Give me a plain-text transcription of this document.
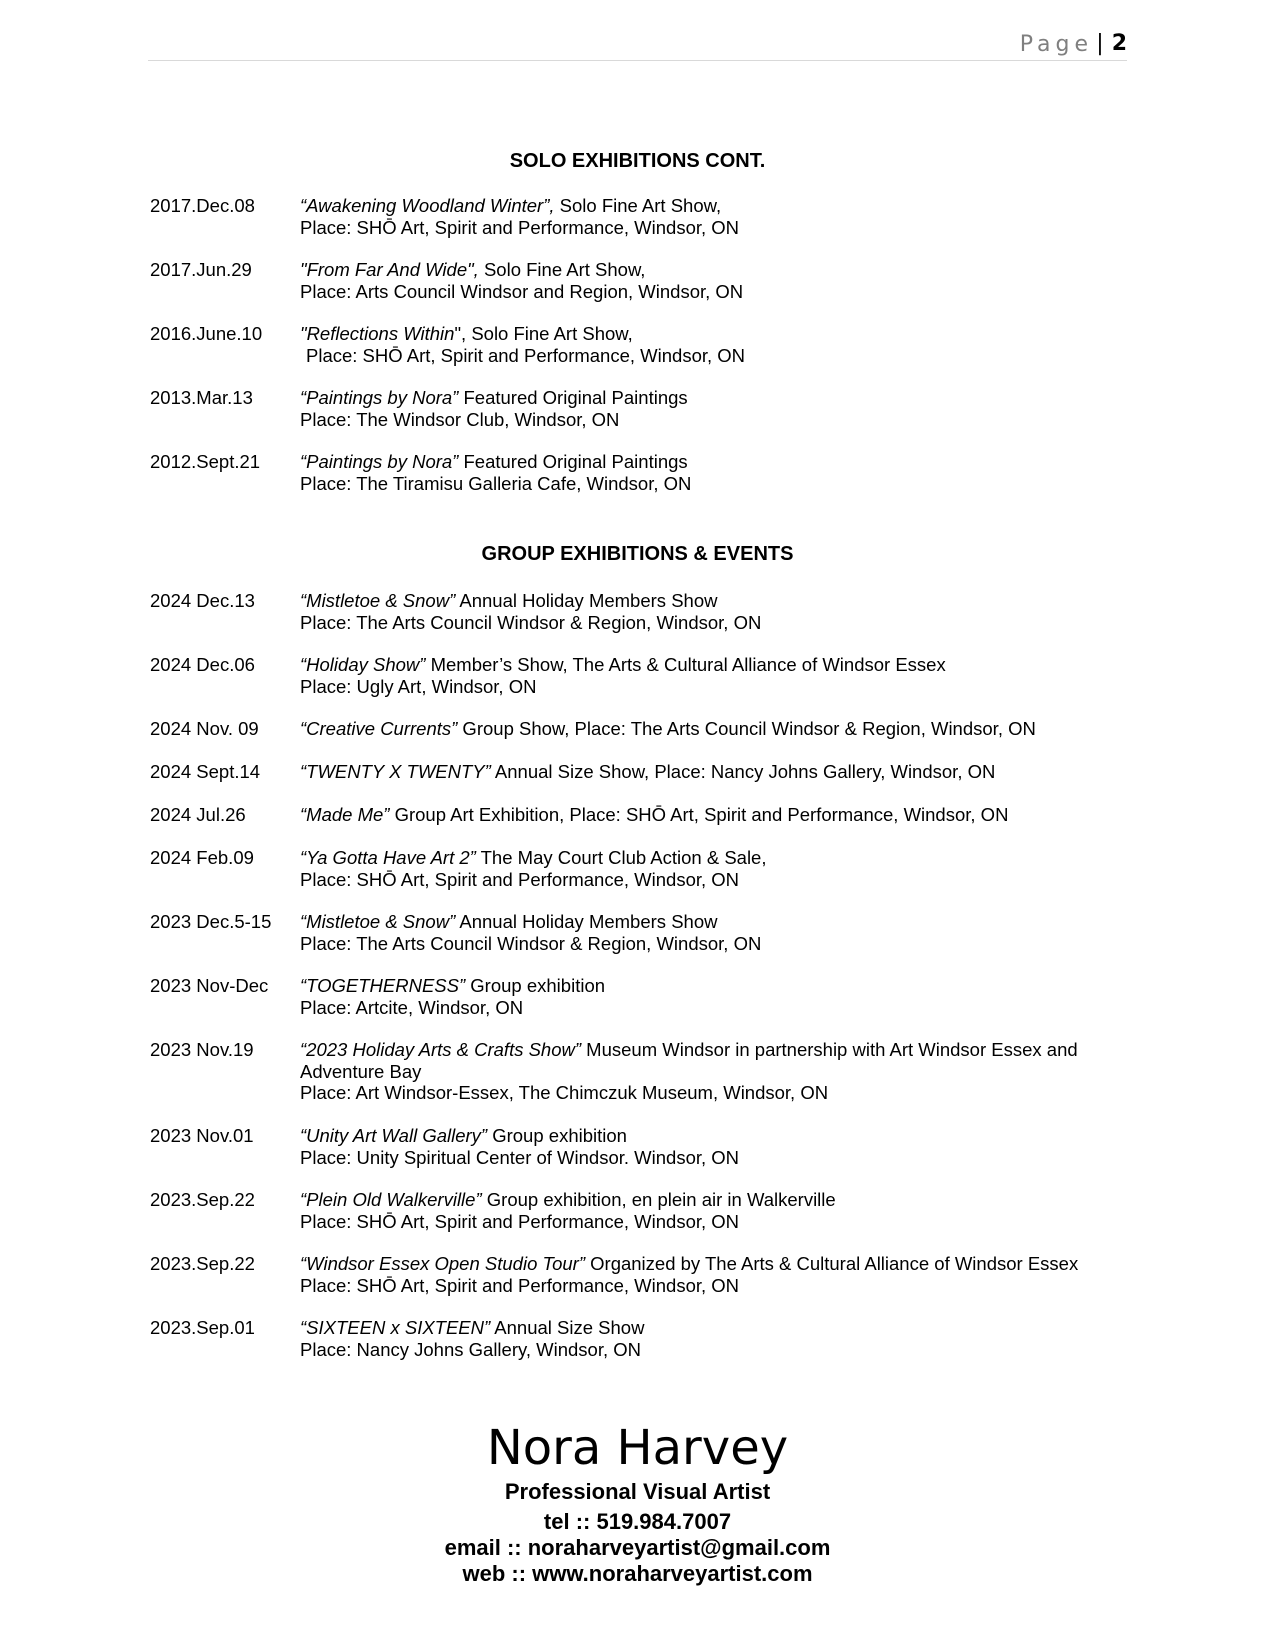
Page
| 2
SOLO EXHIBITIONS CONT.
2017.Dec.08	“Awakening Woodland Winter”, Solo Fine Art Show,
Place: SHŌ Art, Spirit and Performance, Windsor, ON
2017.Jun.29	"From Far And Wide", Solo Fine Art Show,
Place: Arts Council Windsor and Region, Windsor, ON
2016.June.10	"Reflections Within", Solo Fine Art Show,
Place: SHŌ Art, Spirit and Performance, Windsor, ON
2013.Mar.13	“Paintings by Nora” Featured Original Paintings
Place: The Windsor Club, Windsor, ON
2012.Sept.21	“Paintings by Nora” Featured Original Paintings
Place: The Tiramisu Galleria Cafe, Windsor, ON
GROUP EXHIBITIONS & EVENTS
2024 Dec.13	“Mistletoe & Snow” Annual Holiday Members Show
Place: The Arts Council Windsor & Region, Windsor, ON
2024 Dec.06	“Holiday Show” Member’s Show, The Arts & Cultural Alliance of Windsor Essex
Place: Ugly Art, Windsor, ON
2024 Nov. 09	“Creative Currents” Group Show, Place: The Arts Council Windsor & Region, Windsor, ON
2024 Sept.14	“TWENTY X TWENTY” Annual Size Show, Place: Nancy Johns Gallery, Windsor, ON
2024 Jul.26	“Made Me” Group Art Exhibition, Place: SHŌ Art, Spirit and Performance, Windsor, ON
2024 Feb.09	“Ya Gotta Have Art 2” The May Court Club Action & Sale,
Place: SHŌ Art, Spirit and Performance, Windsor, ON
2023 Dec.5-15	“Mistletoe & Snow” Annual Holiday Members Show
Place: The Arts Council Windsor & Region, Windsor, ON
2023 Nov-Dec	“TOGETHERNESS” Group exhibition
Place: Artcite, Windsor, ON
2023 Nov.19	“2023 Holiday Arts & Crafts Show” Museum Windsor in partnership with Art Windsor Essex and Adventure Bay
Place: Art Windsor-Essex, The Chimczuk Museum, Windsor, ON
2023 Nov.01	“Unity Art Wall Gallery” Group exhibition
Place: Unity Spiritual Center of Windsor. Windsor, ON
2023.Sep.22	“Plein Old Walkerville” Group exhibition, en plein air in Walkerville
Place: SHŌ Art, Spirit and Performance, Windsor, ON
2023.Sep.22	“Windsor Essex Open Studio Tour” Organized by The Arts & Cultural Alliance of Windsor Essex
Place: SHŌ Art, Spirit and Performance, Windsor, ON
2023.Sep.01	“SIXTEEN x SIXTEEN” Annual Size Show
Place: Nancy Johns Gallery, Windsor, ON
Nora Harvey
Professional Visual Artist
tel :: 519.984.7007
email :: noraharveyartist@gmail.com
web :: www.noraharveyartist.com
